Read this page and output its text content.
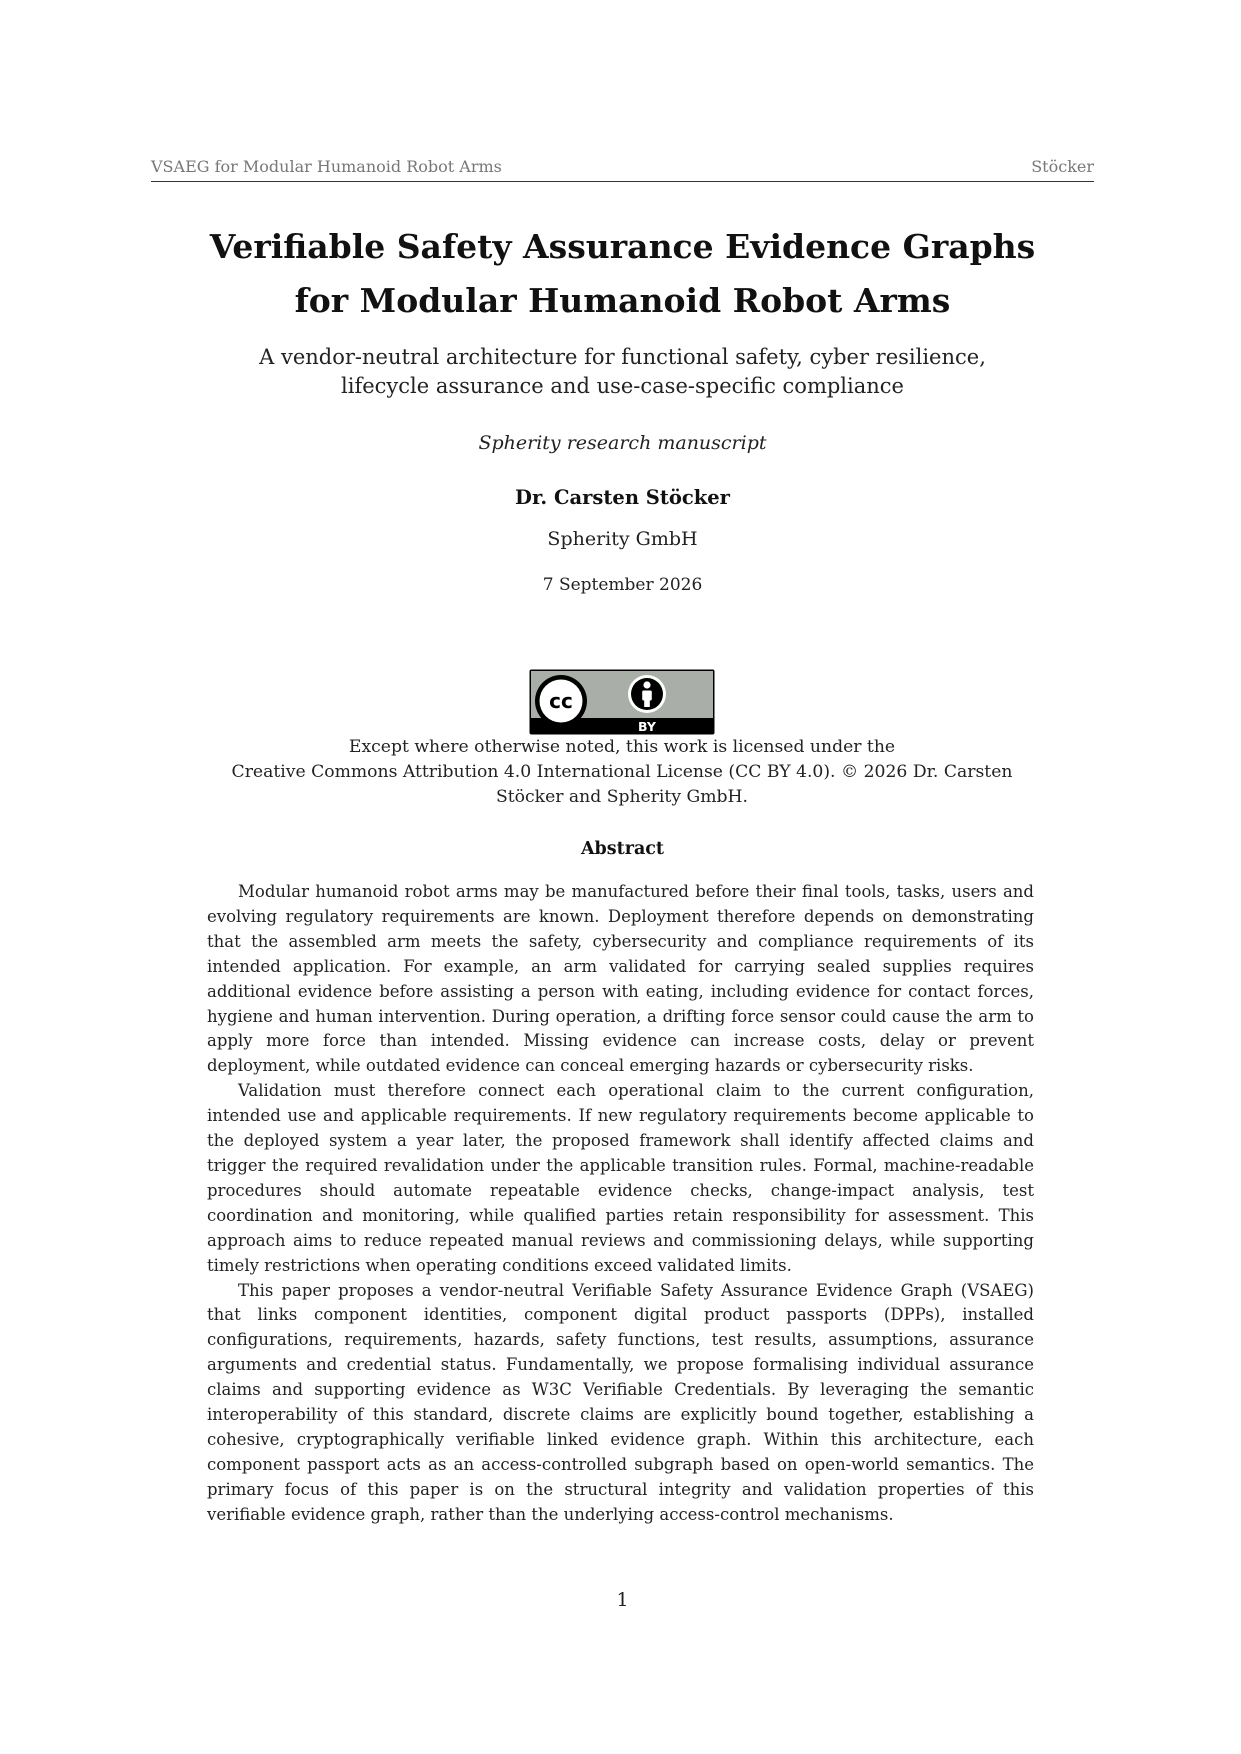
VSAEG for Modular Humanoid Robot Arms	Stöcker
Verifiable Safety Assurance Evidence Graphs
for Modular Humanoid Robot Arms

A vendor-neutral architecture for functional safety, cyber resilience,
lifecycle assurance and use-case-specific compliance

Spherity research manuscript
Dr. Carsten Stöcker
Spherity GmbH
7 September 2026
cc
BY
Except where otherwise noted, this work is licensed under the
Creative Commons Attribution 4.0 International License (CC BY 4.0). © 2026 Dr. Carsten
Stöcker and Spherity GmbH.
Abstract

Modular humanoid robot arms may be manufactured before their final tools, tasks, users and evolving regulatory requirements are known. Deployment therefore depends on demonstrating that the assembled arm meets the safety, cybersecurity and compliance requirements of its intended application. For example, an arm validated for carrying sealed supplies requires additional evidence before assisting a person with eating, including evidence for contact forces, hygiene and human intervention. During operation, a drifting force sensor could cause the arm to apply more force than intended. Missing evidence can increase costs, delay or prevent deployment, while outdated evidence can conceal emerging hazards or cybersecurity risks.

Validation must therefore connect each operational claim to the current configuration, intended use and applicable requirements. If new regulatory requirements become applicable to the deployed system a year later, the proposed framework shall identify affected claims and trigger the required revalidation under the applicable transition rules. Formal, machine-readable procedures should automate repeatable evidence checks, change-impact analysis, test coordination and monitoring, while qualified parties retain responsibility for assessment. This approach aims to reduce repeated manual reviews and commissioning delays, while supporting timely restrictions when operating conditions exceed validated limits.

This paper proposes a vendor-neutral Verifiable Safety Assurance Evidence Graph (VSAEG) that links component identities, component digital product passports (DPPs), installed configurations, requirements, hazards, safety functions, test results, assumptions, assurance arguments and credential status. Fundamentally, we propose formalising individual assurance claims and supporting evidence as W3C Verifiable Credentials. By leveraging the semantic interoperability of this standard, discrete claims are explicitly bound together, establishing a cohesive, cryptographically verifiable linked evidence graph. Within this architecture, each component passport acts as an access-controlled subgraph based on open-world semantics. The primary focus of this paper is on the structural integrity and validation properties of this verifiable evidence graph, rather than the underlying access-control mechanisms.

1
